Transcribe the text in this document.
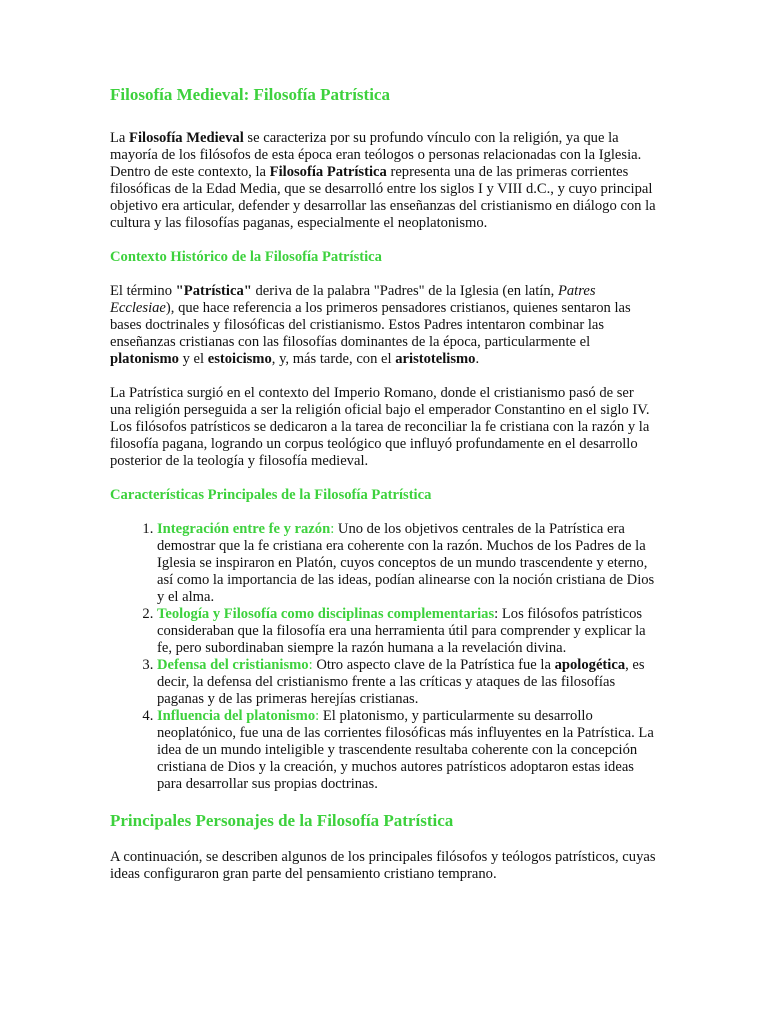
Filosofía Medieval: Filosofía Patrística

La Filosofía Medieval se caracteriza por su profundo vínculo con la religión, ya que la mayoría de los filósofos de esta época eran teólogos o personas relacionadas con la Iglesia. Dentro de este contexto, la Filosofía Patrística representa una de las primeras corrientes filosóficas de la Edad Media, que se desarrolló entre los siglos I y VIII d.C., y cuyo principal objetivo era articular, defender y desarrollar las enseñanzas del cristianismo en diálogo con la cultura y las filosofías paganas, especialmente el neoplatonismo.

Contexto Histórico de la Filosofía Patrística

El término "Patrística" deriva de la palabra "Padres" de la Iglesia (en latín, Patres Ecclesiae), que hace referencia a los primeros pensadores cristianos, quienes sentaron las bases doctrinales y filosóficas del cristianismo. Estos Padres intentaron combinar las enseñanzas cristianas con las filosofías dominantes de la época, particularmente el platonismo y el estoicismo, y, más tarde, con el aristotelismo.

La Patrística surgió en el contexto del Imperio Romano, donde el cristianismo pasó de ser una religión perseguida a ser la religión oficial bajo el emperador Constantino en el siglo IV. Los filósofos patrísticos se dedicaron a la tarea de reconciliar la fe cristiana con la razón y la filosofía pagana, logrando un corpus teológico que influyó profundamente en el desarrollo posterior de la teología y filosofía medieval.

Características Principales de la Filosofía Patrística
1. Integración entre fe y razón: Uno de los objetivos centrales de la Patrística era demostrar que la fe cristiana era coherente con la razón. Muchos de los Padres de la Iglesia se inspiraron en Platón, cuyos conceptos de un mundo trascendente y eterno, así como la importancia de las ideas, podían alinearse con la noción cristiana de Dios y el alma.
2. Teología y Filosofía como disciplinas complementarias: Los filósofos patrísticos consideraban que la filosofía era una herramienta útil para comprender y explicar la fe, pero subordinaban siempre la razón humana a la revelación divina.
3. Defensa del cristianismo: Otro aspecto clave de la Patrística fue la apologética, es decir, la defensa del cristianismo frente a las críticas y ataques de las filosofías paganas y de las primeras herejías cristianas.
4. Influencia del platonismo: El platonismo, y particularmente su desarrollo neoplatónico, fue una de las corrientes filosóficas más influyentes en la Patrística. La idea de un mundo inteligible y trascendente resultaba coherente con la concepción cristiana de Dios y la creación, y muchos autores patrísticos adoptaron estas ideas para desarrollar sus propias doctrinas.
Principales Personajes de la Filosofía Patrística

A continuación, se describen algunos de los principales filósofos y teólogos patrísticos, cuyas ideas configuraron gran parte del pensamiento cristiano temprano.
